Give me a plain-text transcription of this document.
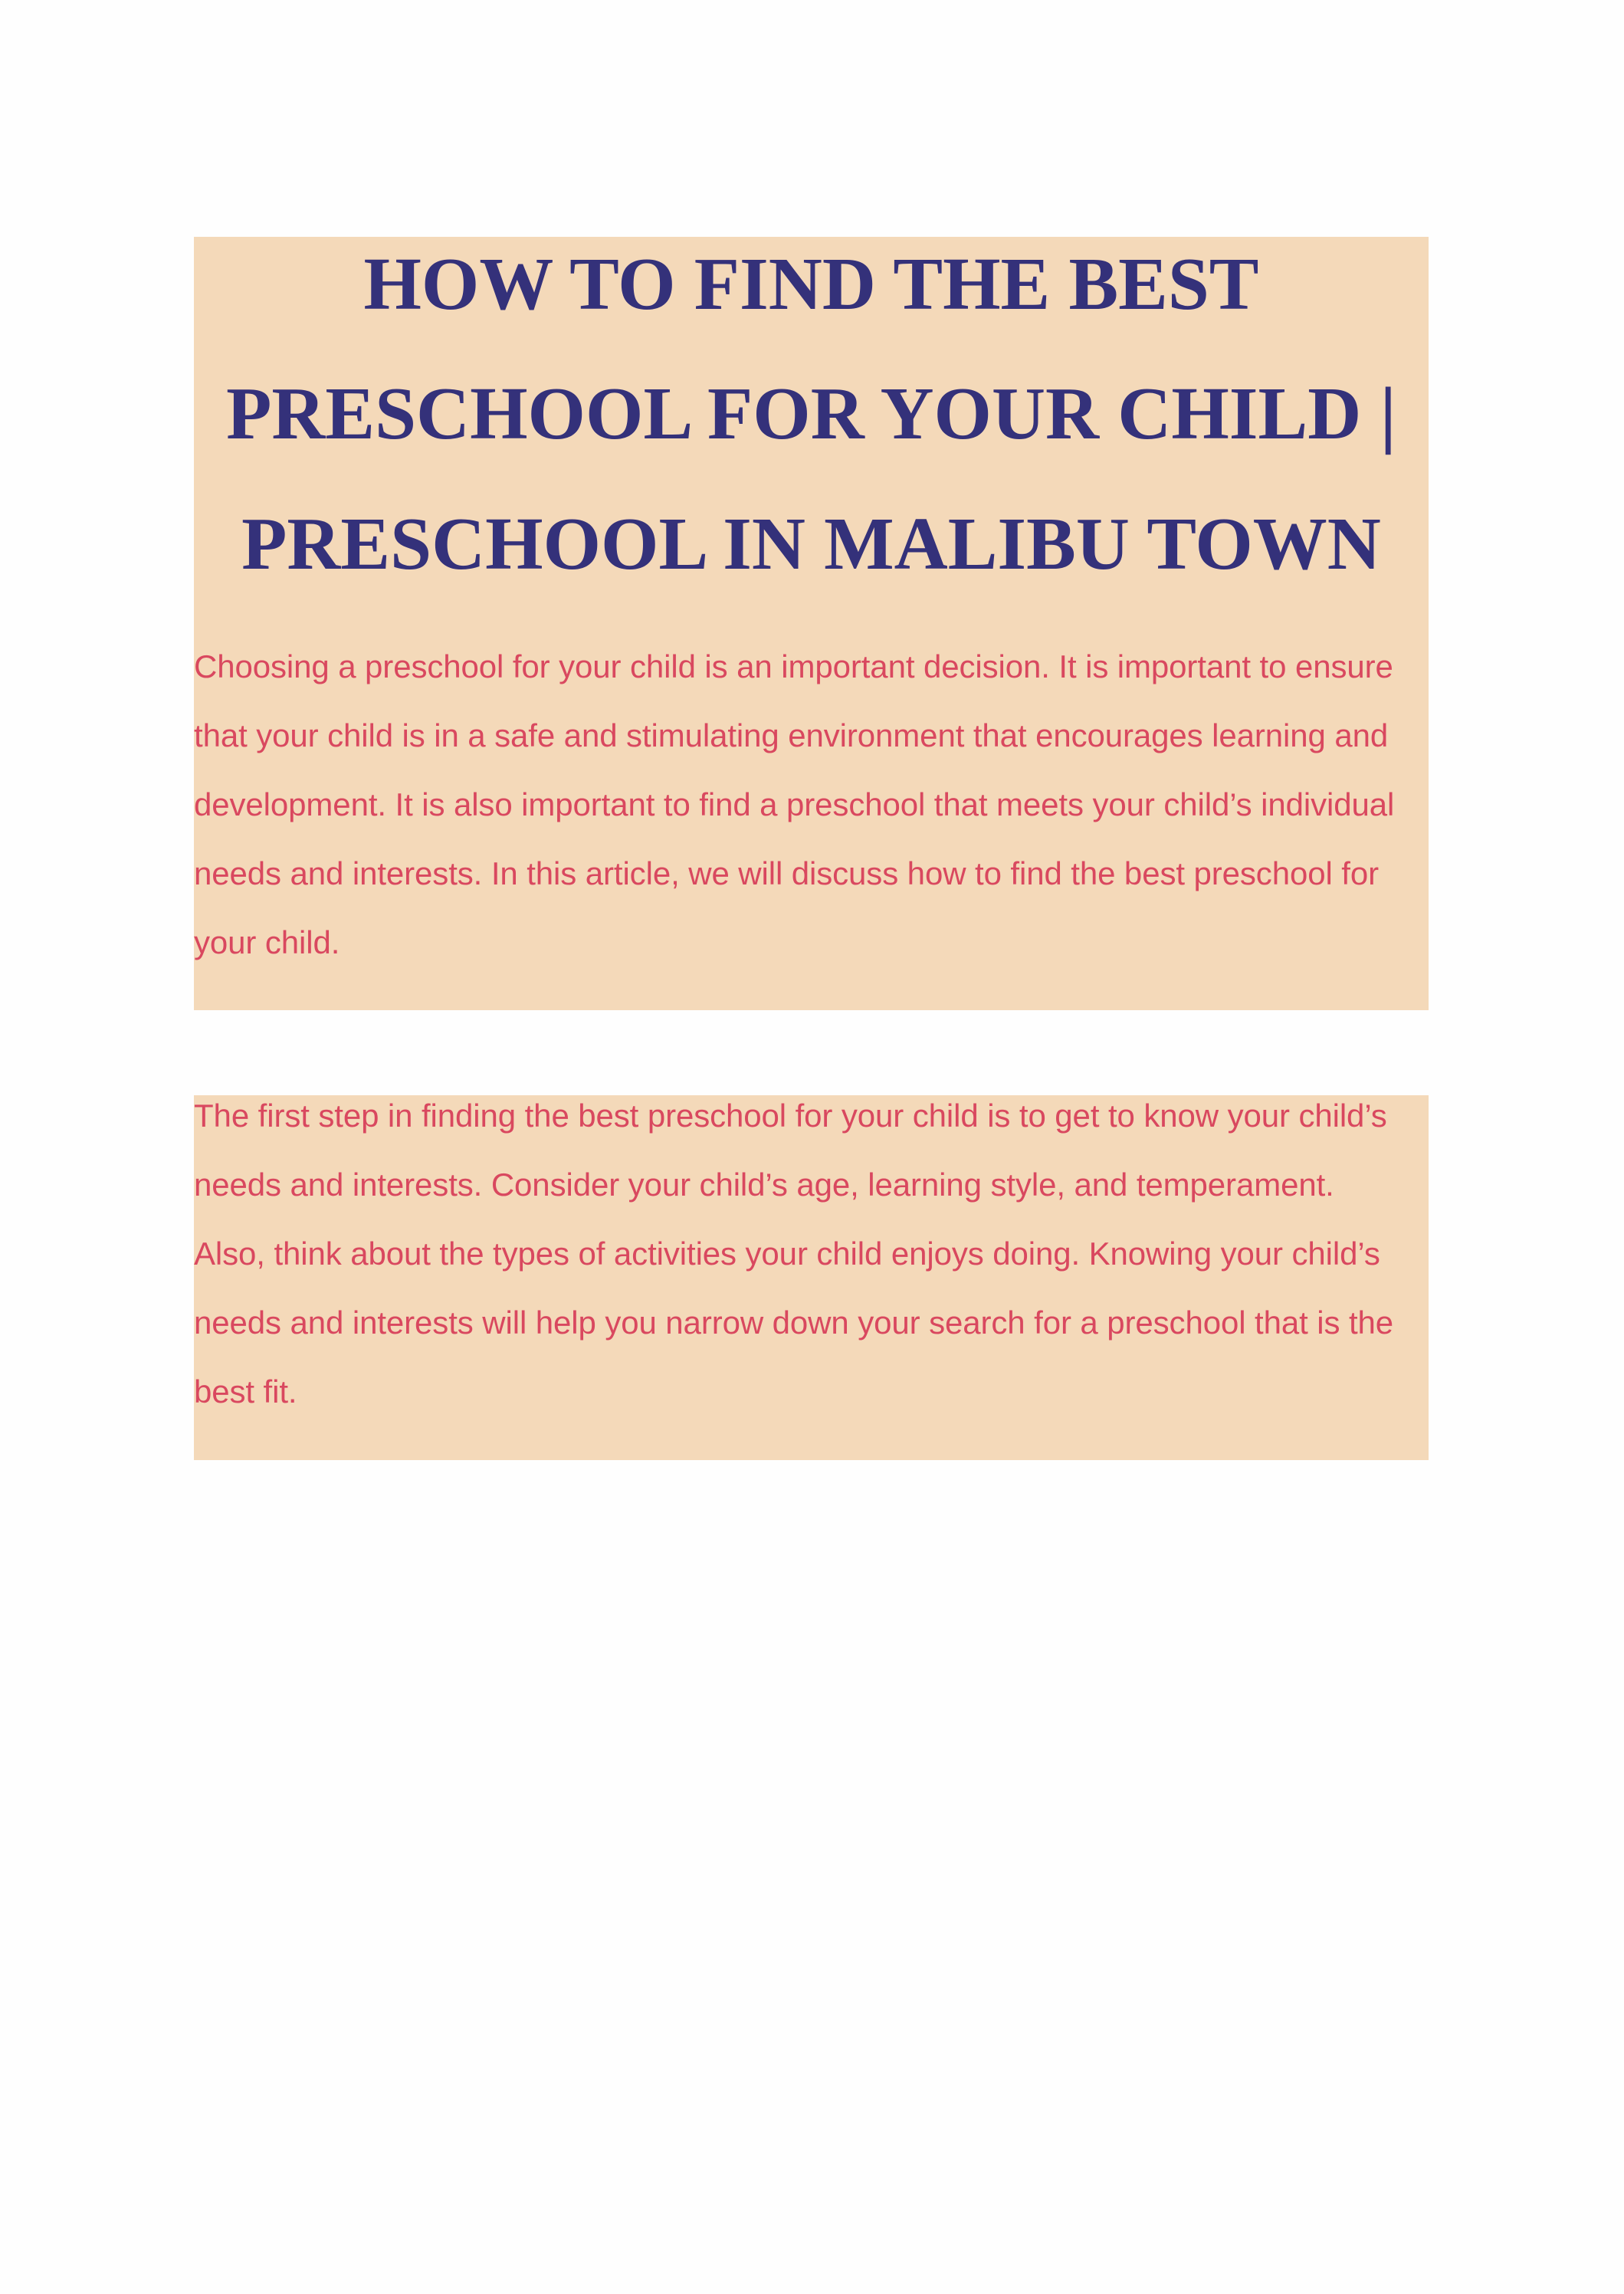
HOW TO FIND THE BEST
PRESCHOOL FOR YOUR CHILD |
PRESCHOOL IN MALIBU TOWN
Choosing a preschool for your child is an important decision. It is important to ensure
that your child is in a safe and stimulating environment that encourages learning and
development. It is also important to find a preschool that meets your child’s individual
needs and interests. In this article, we will discuss how to find the best preschool for
your child.
The first step in finding the best preschool for your child is to get to know your child’s
needs and interests. Consider your child’s age, learning style, and temperament.
Also, think about the types of activities your child enjoys doing. Knowing your child’s
needs and interests will help you narrow down your search for a preschool that is the
best fit.
